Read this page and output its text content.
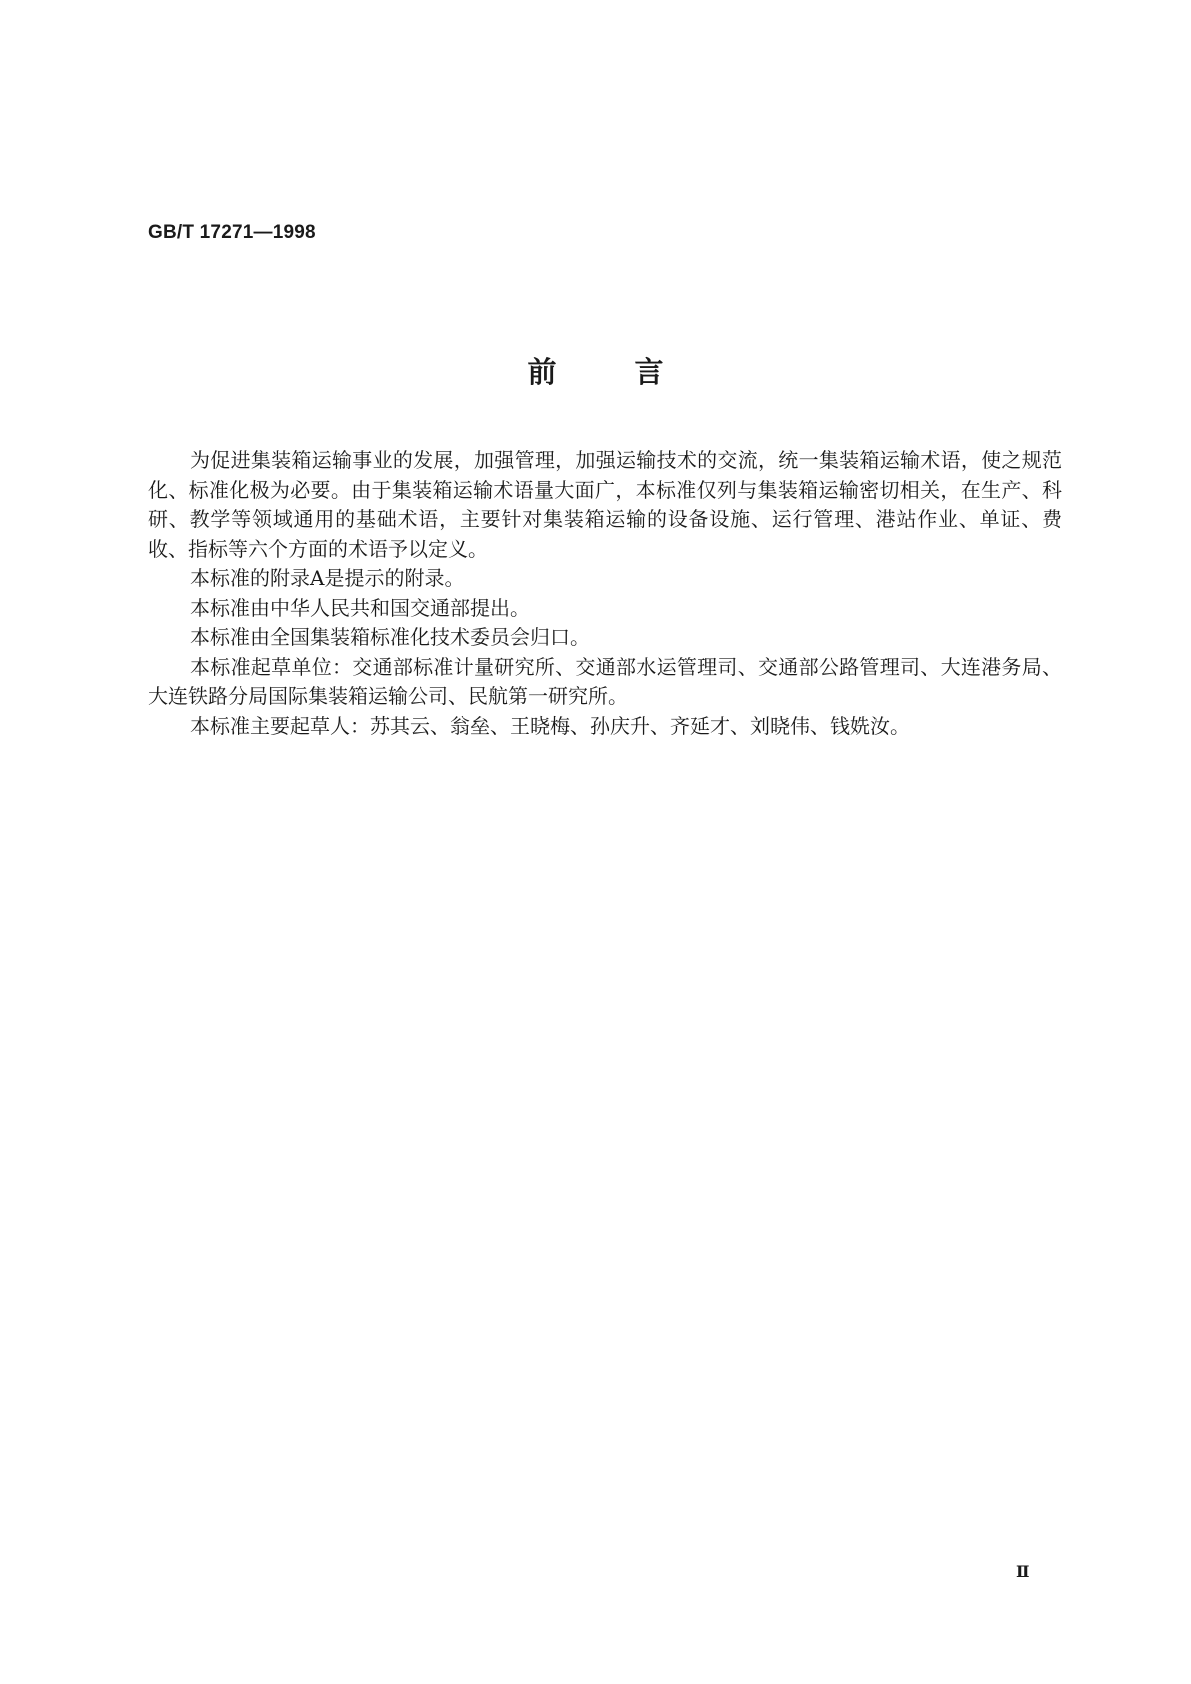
GB/T 17271—1998
前	言

为促进集装箱运输事业的发展，加强管理，加强运输技术的交流，统一集装箱运输术语，使之规范化、标准化极为必要。由于集装箱运输术语量大面广，本标准仅列与集装箱运输密切相关，在生产、科研、教学等领域通用的基础术语，主要针对集装箱运输的设备设施、运行管理、港站作业、单证、费收、指标等六个方面的术语予以定义。

本标准的附录A是提示的附录。

本标准由中华人民共和国交通部提出。

本标准由全国集装箱标准化技术委员会归口。

本标准起草单位：交通部标准计量研究所、交通部水运管理司、交通部公路管理司、大连港务局、大连铁路分局国际集装箱运输公司、民航第一研究所。

本标准主要起草人：苏其云、翁垒、王晓梅、孙庆升、齐延才、刘晓伟、钱姺汝。

Ⅱ
